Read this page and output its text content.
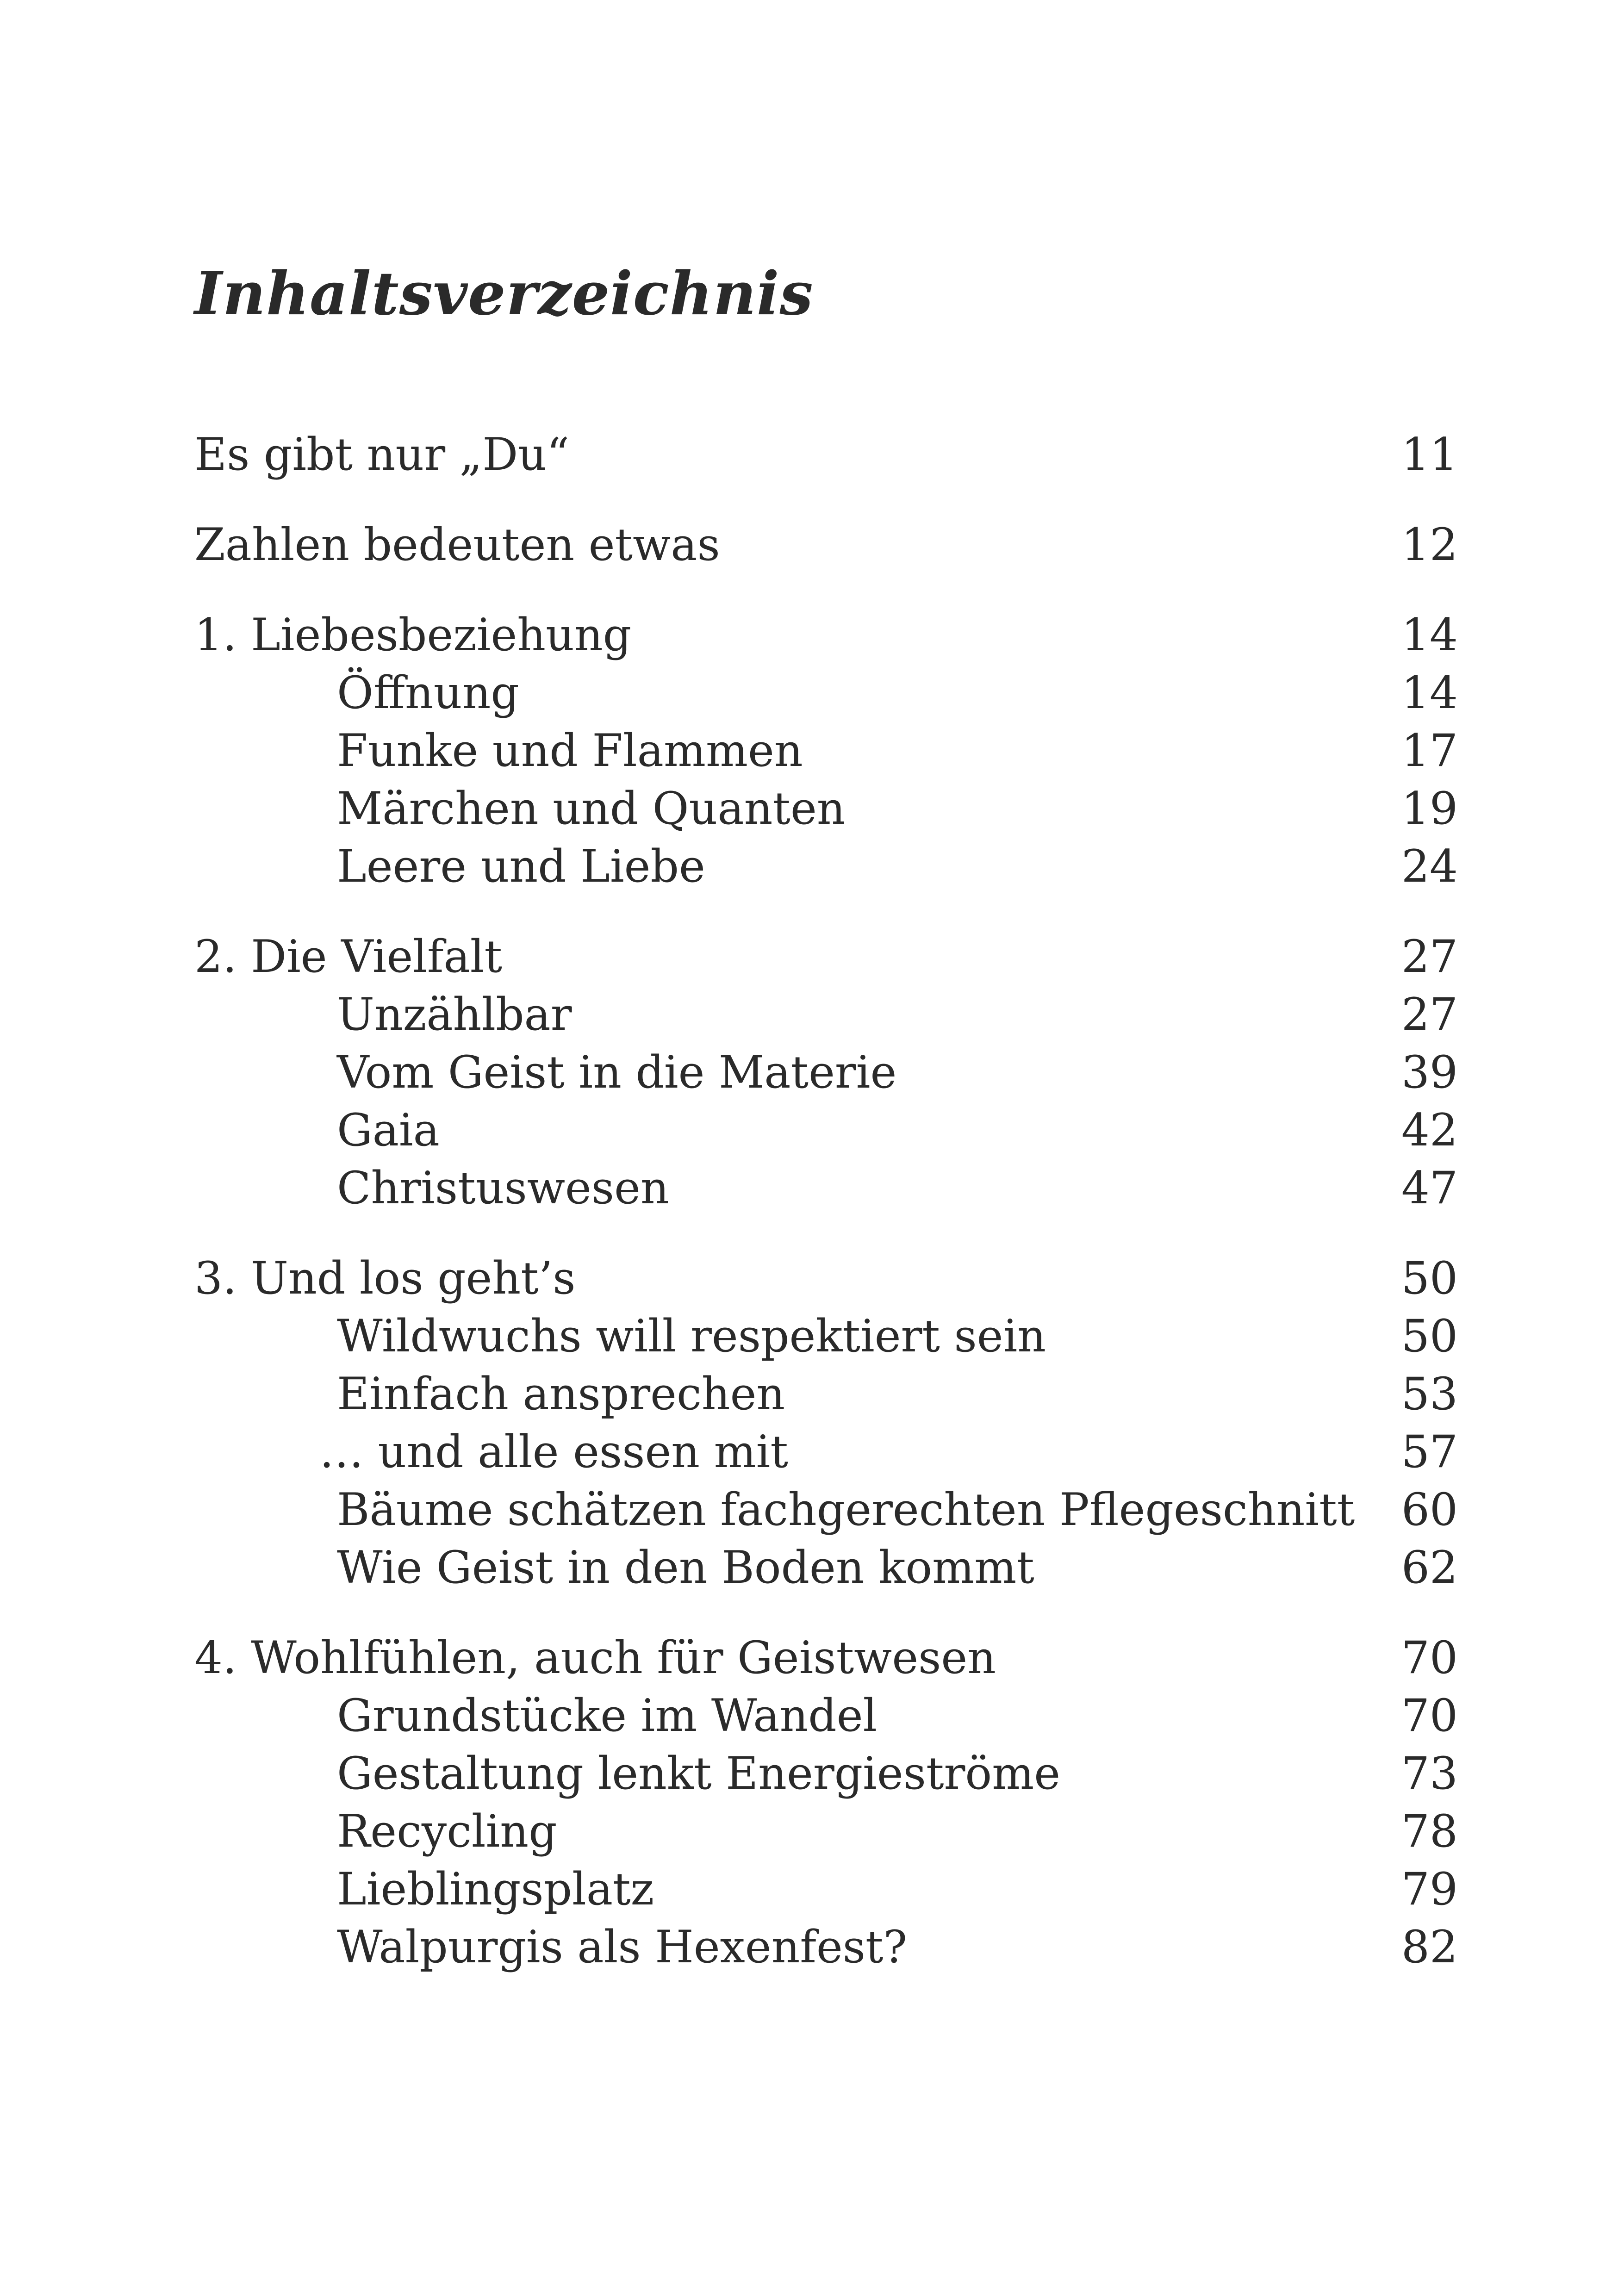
Inhaltsverzeichnis
Es gibt nur „Du“	11
Zahlen bedeuten etwas	12
1. Liebesbeziehung	14
Öffnung	14
Funke und Flammen	17
Märchen und Quanten	19
Leere und Liebe	24
2. Die Vielfalt	27
Unzählbar	27
Vom Geist in die Materie	39
Gaia	42
Christuswesen	47
3. Und los geht’s	50
Wildwuchs will respektiert sein	50
Einfach ansprechen	53
… und alle essen mit	57
Bäume schätzen fachgerechten Pflegeschnitt 60
Wie Geist in den Boden kommt	62
4. Wohlfühlen, auch für Geistwesen	70
Grundstücke im Wandel	70
Gestaltung lenkt Energieströme	73
Recycling	78
Lieblingsplatz	79
Walpurgis als Hexenfest?	82
